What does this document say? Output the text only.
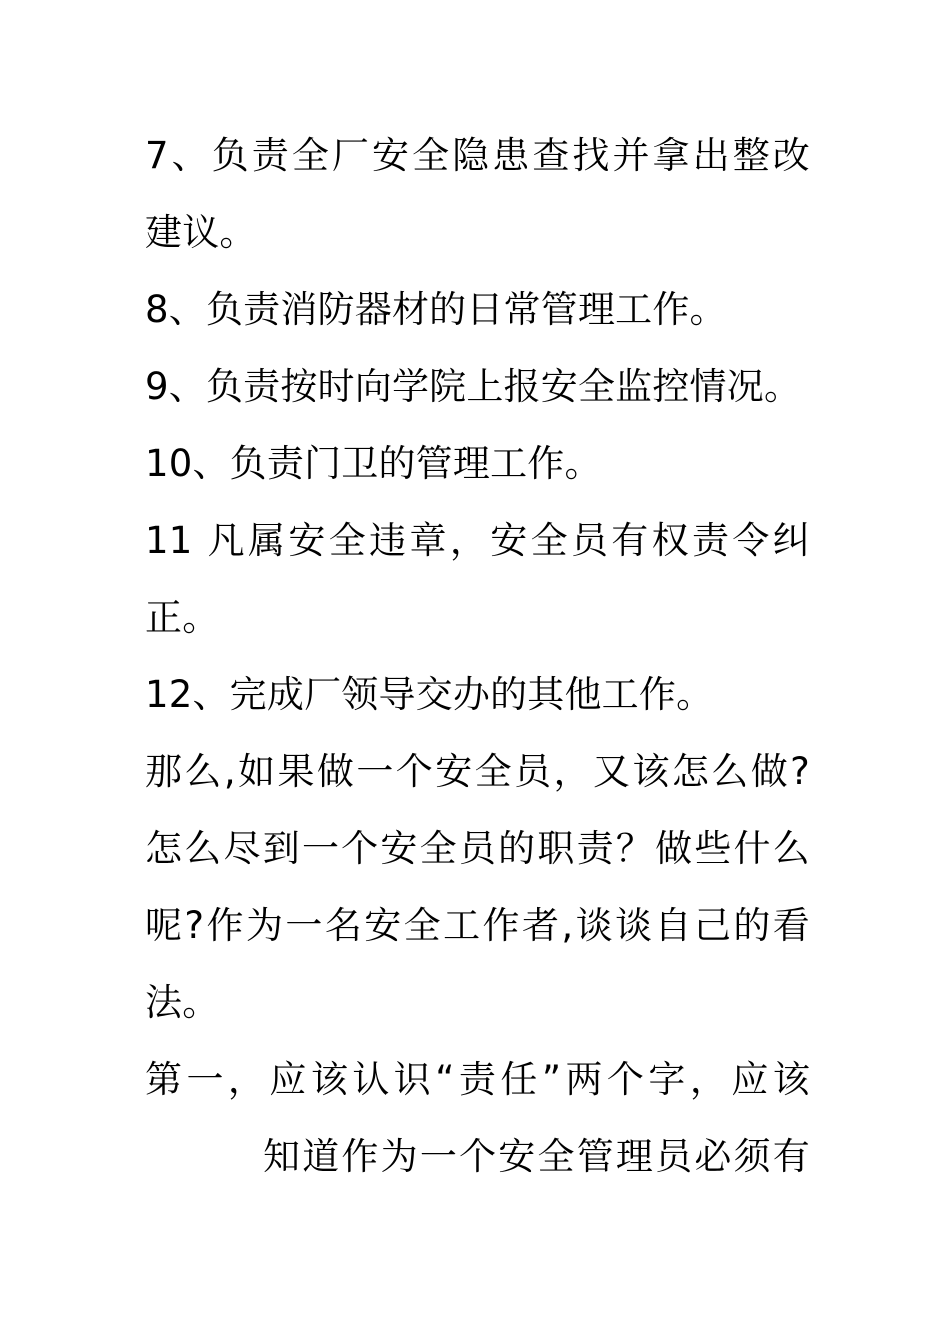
7、负责全厂安全隐患查找并拿出整改
建议。
8、负责消防器材的日常管理工作。
9、负责按时向学院上报安全监控情况。
10、负责门卫的管理工作。
11 凡属安全违章，安全员有权责令纠
正。
12、完成厂领导交办的其他工作。
那么,如果做一个安全员，又该怎么做?
怎么尽到一个安全员的职责？做些什么
呢?作为一名安全工作者,谈谈自己的看
法。
第一，应该认识“责任”两个字，应该
知道作为一个安全管理员必须有
